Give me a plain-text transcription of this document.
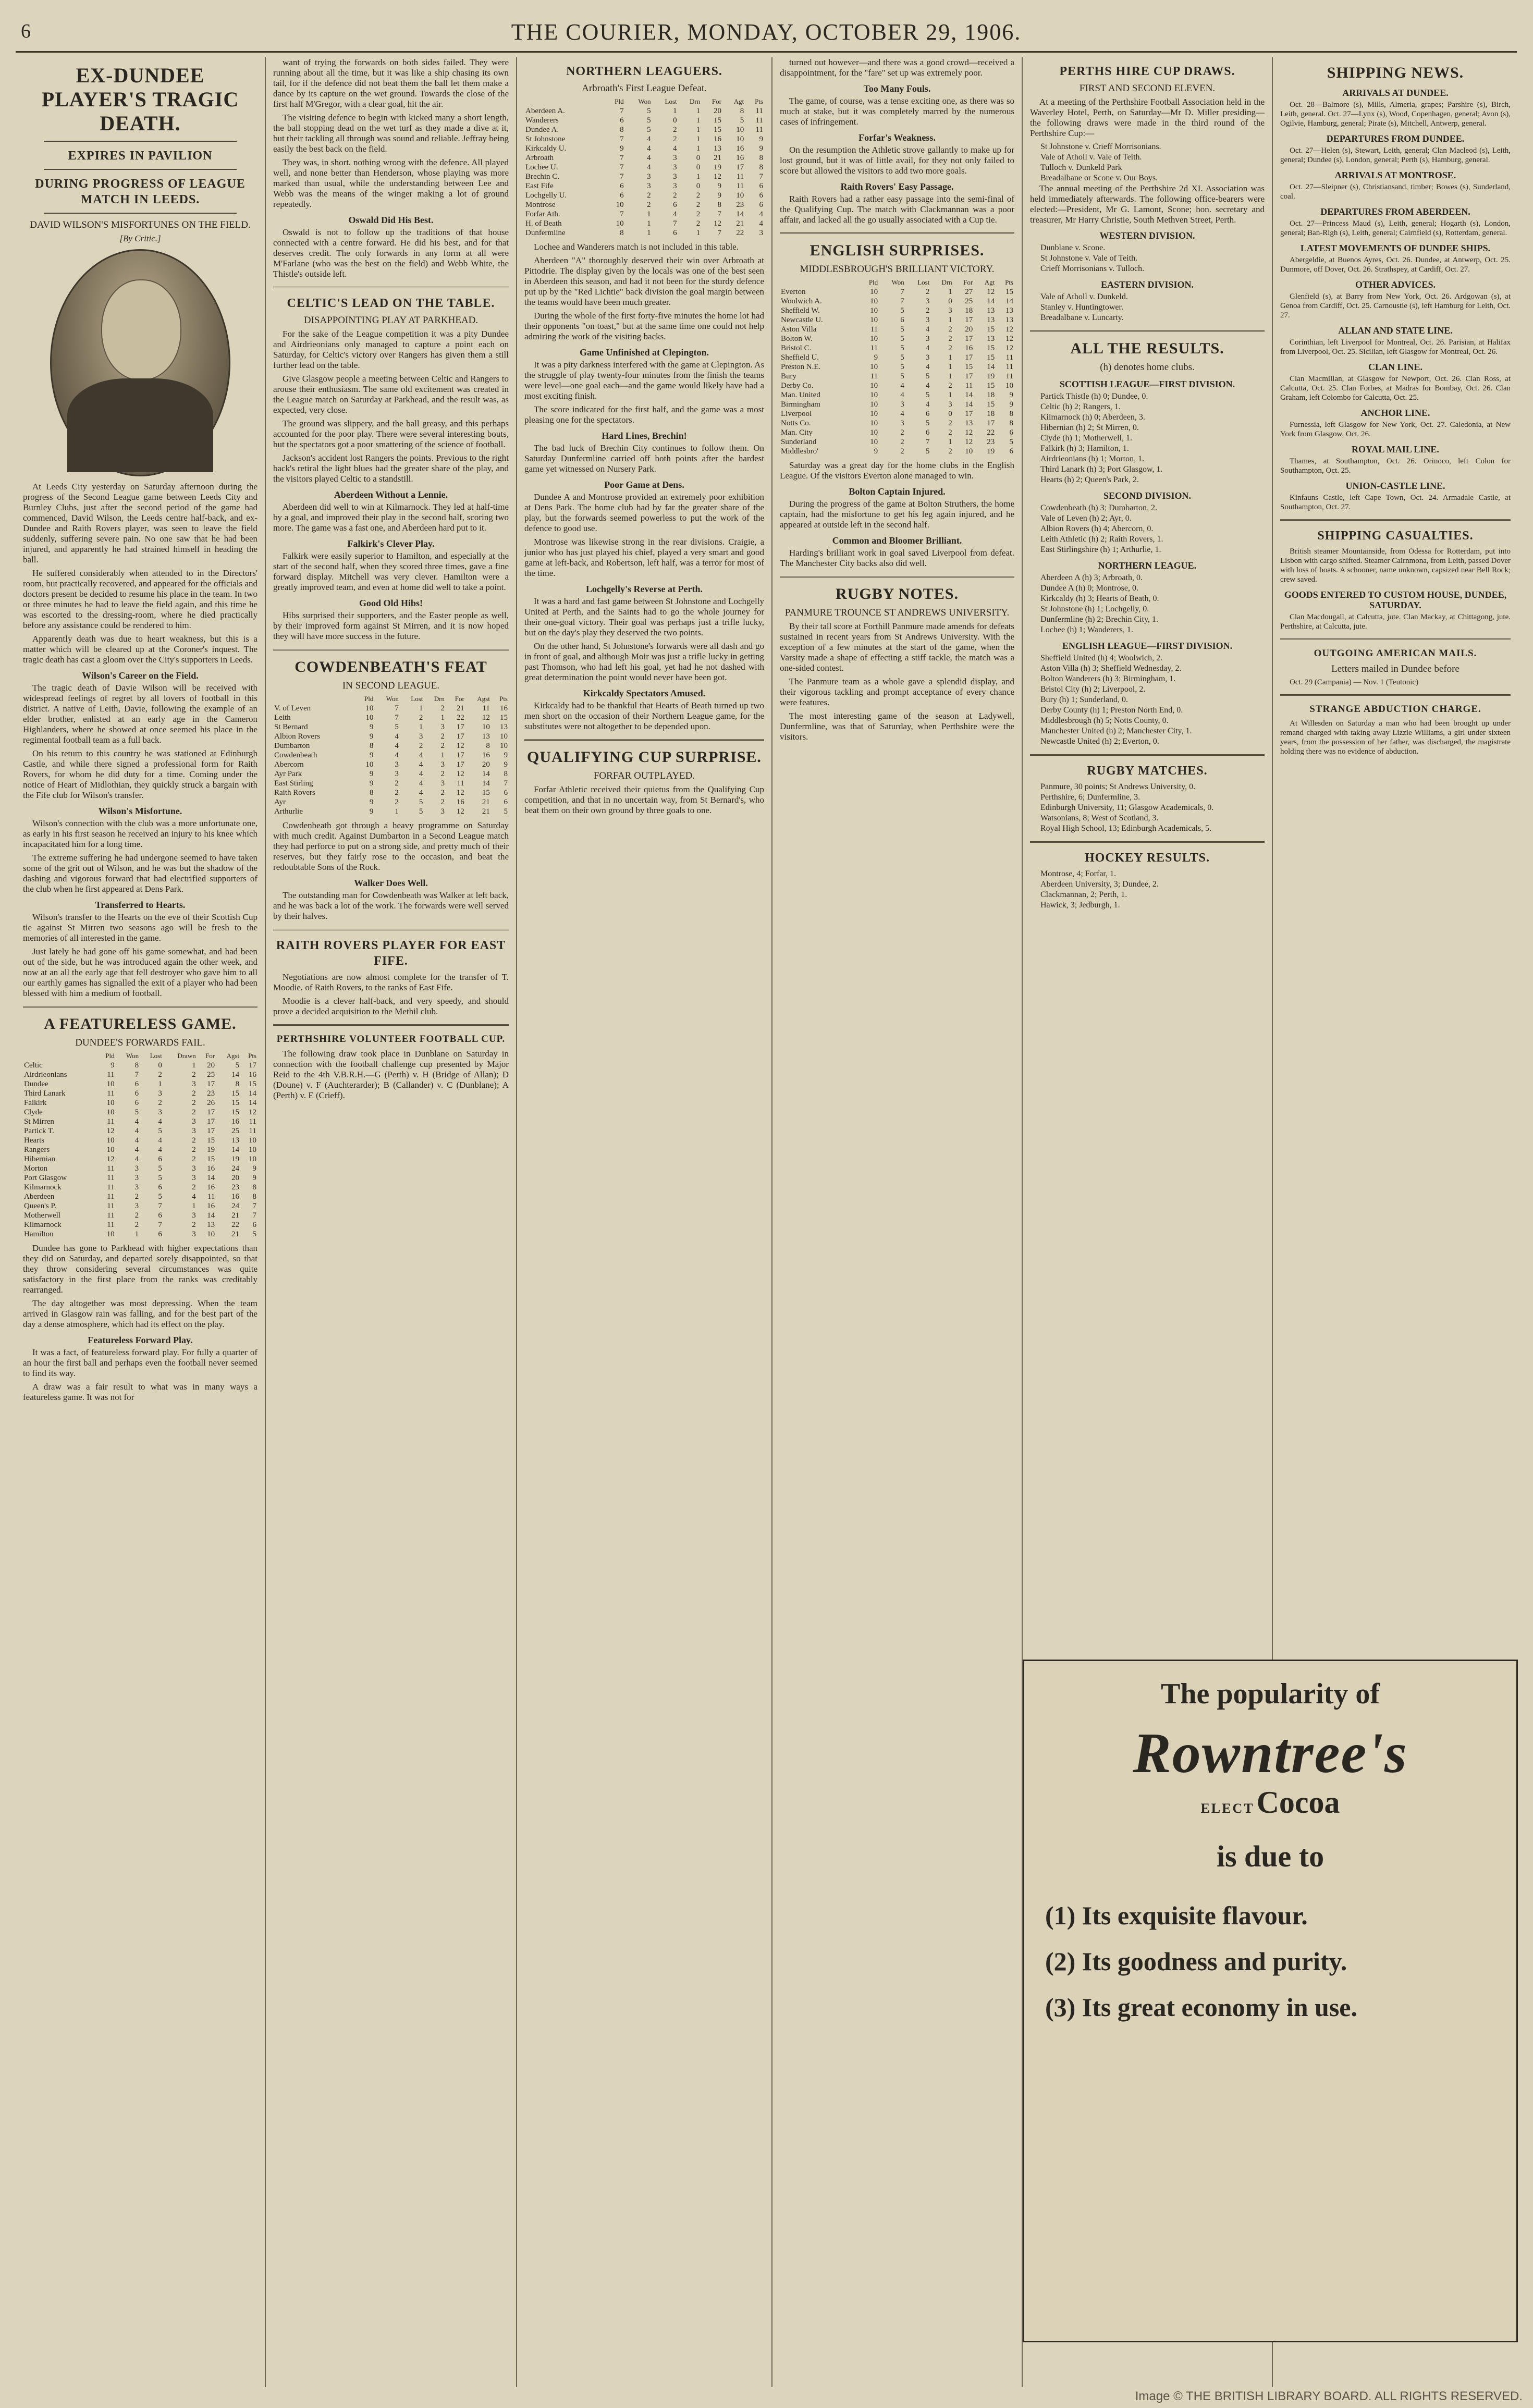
6	THE COURIER, MONDAY, OCTOBER 29, 1906.
EX-DUNDEE PLAYER'S TRAGIC DEATH.
EXPIRES IN PAVILION
DURING PROGRESS OF LEAGUE MATCH IN LEEDS.
DAVID WILSON'S MISFORTUNES ON THE FIELD.
[By Critic.]

At Leeds City yesterday on Saturday afternoon during the progress of the Second League game between Leeds City and Burnley Clubs, just after the second period of the game had commenced, David Wilson, the Leeds centre half-back, and ex-Dundee and Raith Rovers player, was seen to leave the field suddenly, suffering severe pain. No one saw that he had been injured, and apparently he had strained himself in heading the ball.

He suffered considerably when attended to in the Directors' room, but practically recovered, and appeared for the officials and doctors present be decided to resume his place in the team. In two or three minutes he had to leave the field again, and this time he was escorted to the dressing-room, where he died practically before any assistance could be rendered to him.

Apparently death was due to heart weakness, but this is a matter which will be cleared up at the Coroner's inquest. The tragic death has cast a gloom over the City's supporters in Leeds.

Wilson's Career on the Field.

The tragic death of Davie Wilson will be received with widespread feelings of regret by all lovers of football in this district. A native of Leith, Davie, following the example of an elder brother, enlisted at an early age in the Cameron Highlanders, where he showed at once seemed his place in the regimental football team as a full back.

On his return to this country he was stationed at Edinburgh Castle, and while there signed a professional form for Raith Rovers, for whom he did duty for a time. Coming under the notice of Heart of Midlothian, they quickly struck a bargain with the Fife club for Wilson's transfer.

Wilson's Misfortune.

Wilson's connection with the club was a more unfortunate one, as early in his first season he received an injury to his knee which incapacitated him for a long time.

The extreme suffering he had undergone seemed to have taken some of the grit out of Wilson, and he was but the shadow of the dashing and vigorous forward that had electrified supporters of the club when he first appeared at Dens Park.

Transferred to Hearts.

Wilson's transfer to the Hearts on the eve of their Scottish Cup tie against St Mirren two seasons ago will be fresh to the memories of all interested in the game.

Just lately he had gone off his game somewhat, and had been out of the side, but he was introduced again the other week, and now at an all the early age that fell destroyer who gave him to all our earthly games has signalled the exit of a player who had been blessed with him a medium of football.

A FEATURELESS GAME.
DUNDEE'S FORWARDS FAIL.
	Pld	Won	Lost	Drawn	For	Agst	Pts
Celtic	9	8	0	1	20	5	17
Airdrieonians	11	7	2	2	25	14	16
Dundee	10	6	1	3	17	8	15
Third Lanark	11	6	3	2	23	15	14
Falkirk	10	6	2	2	26	15	14
Clyde	10	5	3	2	17	15	12
St Mirren	11	4	4	3	17	16	11
Partick T.	12	4	5	3	17	25	11
Hearts	10	4	4	2	15	13	10
Rangers	10	4	4	2	19	14	10
Hibernian	12	4	6	2	15	19	10
Morton	11	3	5	3	16	24	9
Port Glasgow	11	3	5	3	14	20	9
Kilmarnock	11	3	6	2	16	23	8
Aberdeen	11	2	5	4	11	16	8
Queen's P.	11	3	7	1	16	24	7
Motherwell	11	2	6	3	14	21	7
Kilmarnock	11	2	7	2	13	22	6
Hamilton	10	1	6	3	10	21	5

Dundee has gone to Parkhead with higher expectations than they did on Saturday, and departed sorely disappointed, so that they throw considering several circumstances was quite satisfactory in the first place from the ranks was creditably rearranged.

The day altogether was most depressing. When the team arrived in Glasgow rain was falling, and for the best part of the day a dense atmosphere, which had its effect on the play.

Featureless Forward Play.

It was a fact, of featureless forward play. For fully a quarter of an hour the first ball and perhaps even the football never seemed to find its way.

A draw was a fair result to what was in many ways a featureless game. It was not for

want of trying the forwards on both sides failed. They were running about all the time, but it was like a ship chasing its own tail, for if the defence did not beat them the ball let them make a dance by its capture on the wet ground. Towards the close of the first half M'Gregor, with a clear goal, hit the air.

The visiting defence to begin with kicked many a short length, the ball stopping dead on the wet turf as they made a dive at it, but their tackling all through was sound and reliable. Jeffray being easily the best back on the field.

They was, in short, nothing wrong with the defence. All played well, and none better than Henderson, whose playing was more marked than usual, while the understanding between Lee and Webb was the means of the winger making a lot of ground repeatedly.

Oswald Did His Best.

Oswald is not to follow up the traditions of that house connected with a centre forward. He did his best, and for that deserves credit. The only forwards in any form at all were M'Farlane (who was the best on the field) and Webb White, the Thistle's outside left.

CELTIC'S LEAD ON THE TABLE.
DISAPPOINTING PLAY AT PARKHEAD.

For the sake of the League competition it was a pity Dundee and Airdrieonians only managed to capture a point each on Saturday, for Celtic's victory over Rangers has given them a still further lead on the table.

Give Glasgow people a meeting between Celtic and Rangers to arouse their enthusiasm. The same old excitement was created in the League match on Saturday at Parkhead, and the result was, as expected, very close.

The ground was slippery, and the ball greasy, and this perhaps accounted for the poor play. There were several interesting bouts, but the spectators got a poor smattering of the science of football.

Jackson's accident lost Rangers the points. Previous to the right back's retiral the light blues had the greater share of the play, and the visitors played Celtic to a standstill.

Aberdeen Without a Lennie.

Aberdeen did well to win at Kilmarnock. They led at half-time by a goal, and improved their play in the second half, scoring two more. The game was a fast one, and Aberdeen hard put to it.

Falkirk's Clever Play.

Falkirk were easily superior to Hamilton, and especially at the start of the second half, when they scored three times, gave a fine forward display. Mitchell was very clever. Hamilton were a greatly improved team, and even at home did well to take a point.

Good Old Hibs!

Hibs surprised their supporters, and the Easter people as well, by their improved form against St Mirren, and it is now hoped they will have more success in the future.

COWDENBEATH'S FEAT
IN SECOND LEAGUE.
	Pld	Won	Lost	Drn	For	Agst	Pts
V. of Leven	10	7	1	2	21	11	16
Leith	10	7	2	1	22	12	15
St Bernard	9	5	1	3	17	10	13
Albion Rovers	9	4	3	2	17	13	10
Dumbarton	8	4	2	2	12	8	10
Cowdenbeath	9	4	4	1	17	16	9
Abercorn	10	3	4	3	17	20	9
Ayr Park	9	3	4	2	12	14	8
East Stirling	9	2	4	3	11	14	7
Raith Rovers	8	2	4	2	12	15	6
Ayr	9	2	5	2	16	21	6
Arthurlie	9	1	5	3	12	21	5

Cowdenbeath got through a heavy programme on Saturday with much credit. Against Dumbarton in a Second League match they had perforce to put on a strong side, and pretty much of their reserves, but they fairly rose to the occasion, and beat the redoubtable Sons of the Rock.

Walker Does Well.

The outstanding man for Cowdenbeath was Walker at left back, and he was back a lot of the work. The forwards were well served by their halves.

RAITH ROVERS PLAYER FOR EAST FIFE.

Negotiations are now almost complete for the transfer of T. Moodie, of Raith Rovers, to the ranks of East Fife.

Moodie is a clever half-back, and very speedy, and should prove a decided acquisition to the Methil club.

PERTHSHIRE VOLUNTEER FOOTBALL CUP.

The following draw took place in Dunblane on Saturday in connection with the football challenge cup presented by Major Reid to the 4th V.B.R.H.—G (Perth) v. H (Bridge of Allan); D (Doune) v. F (Auchterarder); B (Callander) v. C (Dunblane); A (Perth) v. E (Crieff).

NORTHERN LEAGUERS.
Arbroath's First League Defeat.
	Pld	Won	Lost	Drn	For	Agt	Pts
Aberdeen A.	7	5	1	1	20	8	11
Wanderers	6	5	0	1	15	5	11
Dundee A.	8	5	2	1	15	10	11
St Johnstone	7	4	2	1	16	10	9
Kirkcaldy U.	9	4	4	1	13	16	9
Arbroath	7	4	3	0	21	16	8
Lochee U.	7	4	3	0	19	17	8
Brechin C.	7	3	3	1	12	11	7
East Fife	6	3	3	0	9	11	6
Lochgelly U.	6	2	2	2	9	10	6
Montrose	10	2	6	2	8	23	6
Forfar Ath.	7	1	4	2	7	14	4
H. of Beath	10	1	7	2	12	21	4
Dunfermline	8	1	6	1	7	22	3

Lochee and Wanderers match is not included in this table.

Aberdeen "A" thoroughly deserved their win over Arbroath at Pittodrie. The display given by the locals was one of the best seen in Aberdeen this season, and had it not been for the sturdy defence put up by the "Red Lichtie" back division the goal margin between the teams would have been much greater.

During the whole of the first forty-five minutes the home lot had their opponents "on toast," but at the same time one could not help admiring the work of the visiting backs.

Game Unfinished at Clepington.

It was a pity darkness interfered with the game at Clepington. As the struggle of play twenty-four minutes from the finish the teams were level—one goal each—and the game would likely have had a most exciting finish.

The score indicated for the first half, and the game was a most pleasing one for the spectators.

Hard Lines, Brechin!

The bad luck of Brechin City continues to follow them. On Saturday Dunfermline carried off both points after the hardest game yet witnessed on Nursery Park.

Poor Game at Dens.

Dundee A and Montrose provided an extremely poor exhibition at Dens Park. The home club had by far the greater share of the play, but the forwards seemed powerless to put the work of the defence to good use.

Montrose was likewise strong in the rear divisions. Craigie, a junior who has just played his chief, played a very smart and good game at left-back, and Robertson, left half, was a terror for most of the time.

Lochgelly's Reverse at Perth.

It was a hard and fast game between St Johnstone and Lochgelly United at Perth, and the Saints had to go the whole journey for their one-goal victory. Their goal was perhaps just a trifle lucky, but on the day's play they deserved the two points.

On the other hand, St Johnstone's forwards were all dash and go in front of goal, and although Moir was just a trifle lucky in getting past Thomson, who had left his goal, yet had he not dashed with great determination the point would never have been got.

Kirkcaldy Spectators Amused.

Kirkcaldy had to be thankful that Hearts of Beath turned up two men short on the occasion of their Northern League game, for the substitutes were not altogether to be depended upon.

QUALIFYING CUP SURPRISE.
FORFAR OUTPLAYED.

Forfar Athletic received their quietus from the Qualifying Cup competition, and that in no uncertain way, from St Bernard's, who beat them on their own ground by three goals to one.

turned out however—and there was a good crowd—received a disappointment, for the "fare" set up was extremely poor.

Too Many Fouls.

The game, of course, was a tense exciting one, as there was so much at stake, but it was completely marred by the numerous cases of infringement.

Forfar's Weakness.

On the resumption the Athletic strove gallantly to make up for lost ground, but it was of little avail, for they not only failed to score but allowed the visitors to add two more goals.

Raith Rovers' Easy Passage.

Raith Rovers had a rather easy passage into the semi-final of the Qualifying Cup. The match with Clackmannan was a poor affair, and lacked all the go usually associated with a Cup tie.

ENGLISH SURPRISES.
MIDDLESBROUGH'S BRILLIANT VICTORY.
	Pld	Won	Lost	Drn	For	Agt	Pts
Everton	10	7	2	1	27	12	15
Woolwich A.	10	7	3	0	25	14	14
Sheffield W.	10	5	2	3	18	13	13
Newcastle U.	10	6	3	1	17	13	13
Aston Villa	11	5	4	2	20	15	12
Bolton W.	10	5	3	2	17	13	12
Bristol C.	11	5	4	2	16	15	12
Sheffield U.	9	5	3	1	17	15	11
Preston N.E.	10	5	4	1	15	14	11
Bury	11	5	5	1	17	19	11
Derby Co.	10	4	4	2	11	15	10
Man. United	10	4	5	1	14	18	9
Birmingham	10	3	4	3	14	15	9
Liverpool	10	4	6	0	17	18	8
Notts Co.	10	3	5	2	13	17	8
Man. City	10	2	6	2	12	22	6
Sunderland	10	2	7	1	12	23	5
Middlesbro'	9	2	5	2	10	19	6

Saturday was a great day for the home clubs in the English League. Of the visitors Everton alone managed to win.

Bolton Captain Injured.

During the progress of the game at Bolton Struthers, the home captain, had the misfortune to get his leg again injured, and he appeared at outside left in the second half.

Common and Bloomer Brilliant.

Harding's brilliant work in goal saved Liverpool from defeat. The Manchester City backs also did well.

RUGBY NOTES.
PANMURE TROUNCE ST ANDREWS UNIVERSITY.

By their tall score at Forthill Panmure made amends for defeats sustained in recent years from St Andrews University. With the exception of a few minutes at the start of the game, when the Varsity made a shape of effecting a stiff tackle, the match was a one-sided contest.

The Panmure team as a whole gave a splendid display, and their vigorous tackling and prompt acceptance of every chance were features.

The most interesting game of the season at Ladywell, Dunfermline, was that of Saturday, when Perthshire were the visitors.

PERTHS HIRE CUP DRAWS.
FIRST AND SECOND ELEVEN.

At a meeting of the Perthshire Football Association held in the Waverley Hotel, Perth, on Saturday—Mr D. Miller presiding—the following draws were made in the third round of the Perthshire Cup:—

St Johnstone v. Crieff Morrisonians.
Vale of Atholl v. Vale of Teith.
Tulloch v. Dunkeld Park
Breadalbane or Scone v. Our Boys.

The annual meeting of the Perthshire 2d XI. Association was held immediately afterwards. The following office-bearers were elected:—President, Mr G. Lamont, Scone; hon. secretary and treasurer, Mr Harry Christie, South Methven Street, Perth.

WESTERN DIVISION.
Dunblane v. Scone.
St Johnstone v. Vale of Teith.
Crieff Morrisonians v. Tulloch.
EASTERN DIVISION.
Vale of Atholl v. Dunkeld.
Stanley v. Huntingtower.
Breadalbane v. Luncarty.
ALL THE RESULTS.
(h) denotes home clubs.
SCOTTISH LEAGUE—FIRST DIVISION.
Partick Thistle (h) 0; Dundee, 0.
Celtic (h) 2; Rangers, 1.
Kilmarnock (h) 0; Aberdeen, 3.
Hibernian (h) 2; St Mirren, 0.
Clyde (h) 1; Motherwell, 1.
Falkirk (h) 3; Hamilton, 1.
Airdrieonians (h) 1; Morton, 1.
Third Lanark (h) 3; Port Glasgow, 1.
Hearts (h) 2; Queen's Park, 2.
SECOND DIVISION.
Cowdenbeath (h) 3; Dumbarton, 2.
Vale of Leven (h) 2; Ayr, 0.
Albion Rovers (h) 4; Abercorn, 0.
Leith Athletic (h) 2; Raith Rovers, 1.
East Stirlingshire (h) 1; Arthurlie, 1.
NORTHERN LEAGUE.
Aberdeen A (h) 3; Arbroath, 0.
Dundee A (h) 0; Montrose, 0.
Kirkcaldy (h) 3; Hearts of Beath, 0.
St Johnstone (h) 1; Lochgelly, 0.
Dunfermline (h) 2; Brechin City, 1.
Lochee (h) 1; Wanderers, 1.
ENGLISH LEAGUE—FIRST DIVISION.
Sheffield United (h) 4; Woolwich, 2.
Aston Villa (h) 3; Sheffield Wednesday, 2.
Bolton Wanderers (h) 3; Birmingham, 1.
Bristol City (h) 2; Liverpool, 2.
Bury (h) 1; Sunderland, 0.
Derby County (h) 1; Preston North End, 0.
Middlesbrough (h) 5; Notts County, 0.
Manchester United (h) 2; Manchester City, 1.
Newcastle United (h) 2; Everton, 0.
RUGBY MATCHES.
Panmure, 30 points; St Andrews University, 0.
Perthshire, 6; Dunfermline, 3.
Edinburgh University, 11; Glasgow Academicals, 0.
Watsonians, 8; West of Scotland, 3.
Royal High School, 13; Edinburgh Academicals, 5.
HOCKEY RESULTS.
Montrose, 4; Forfar, 1.
Aberdeen University, 3; Dundee, 2.
Clackmannan, 2; Perth, 1.
Hawick, 3; Jedburgh, 1.
SHIPPING NEWS.
ARRIVALS AT DUNDEE.

Oct. 28—Balmore (s), Mills, Almeria, grapes; Parshire (s), Birch, Leith, general. Oct. 27—Lynx (s), Wood, Copenhagen, general; Avon (s), Ogilvie, Hamburg, general; Pirate (s), Mitchell, Antwerp, general.

DEPARTURES FROM DUNDEE.

Oct. 27—Helen (s), Stewart, Leith, general; Clan Macleod (s), Leith, general; Dundee (s), London, general; Perth (s), Hamburg, general.

ARRIVALS AT MONTROSE.

Oct. 27—Sleipner (s), Christiansand, timber; Bowes (s), Sunderland, coal.

DEPARTURES FROM ABERDEEN.

Oct. 27—Princess Maud (s), Leith, general; Hogarth (s), London, general; Ban-Righ (s), Leith, general; Cairnfield (s), Rotterdam, general.

LATEST MOVEMENTS OF DUNDEE SHIPS.

Abergeldie, at Buenos Ayres, Oct. 26. Dundee, at Antwerp, Oct. 25. Dunmore, off Dover, Oct. 26. Strathspey, at Cardiff, Oct. 27.

OTHER ADVICES.

Glenfield (s), at Barry from New York, Oct. 26. Ardgowan (s), at Genoa from Cardiff, Oct. 25. Carnoustie (s), left Hamburg for Leith, Oct. 27.

ALLAN AND STATE LINE.

Corinthian, left Liverpool for Montreal, Oct. 26. Parisian, at Halifax from Liverpool, Oct. 25. Sicilian, left Glasgow for Montreal, Oct. 26.

CLAN LINE.

Clan Macmillan, at Glasgow for Newport, Oct. 26. Clan Ross, at Calcutta, Oct. 25. Clan Forbes, at Madras for Bombay, Oct. 26. Clan Graham, left Colombo for Calcutta, Oct. 25.

ANCHOR LINE.

Furnessia, left Glasgow for New York, Oct. 27. Caledonia, at New York from Glasgow, Oct. 26.

ROYAL MAIL LINE.

Thames, at Southampton, Oct. 26. Orinoco, left Colon for Southampton, Oct. 25.

UNION-CASTLE LINE.

Kinfauns Castle, left Cape Town, Oct. 24. Armadale Castle, at Southampton, Oct. 27.

SHIPPING CASUALTIES.

British steamer Mountainside, from Odessa for Rotterdam, put into Lisbon with cargo shifted. Steamer Cairnmona, from Leith, passed Dover with loss of boats. A schooner, name unknown, capsized near Bell Rock; crew saved.

GOODS ENTERED TO CUSTOM HOUSE, DUNDEE, SATURDAY.

Clan Macdougall, at Calcutta, jute. Clan Mackay, at Chittagong, jute. Perthshire, at Calcutta, jute.

OUTGOING AMERICAN MAILS.
Letters mailed in Dundee before

Oct. 29 (Campania) — Nov. 1 (Teutonic)

STRANGE ABDUCTION CHARGE.

At Willesden on Saturday a man who had been brought up under remand charged with taking away Lizzie Williams, a girl under sixteen years, from the possession of her father, was discharged, the magistrate holding there was no evidence of abduction.

The popularity of
Rowntree's
ELECT Cocoa
is due to
(1) Its exquisite flavour.
(2) Its goodness and purity.
(3) Its great economy in use.
Image © THE BRITISH LIBRARY BOARD. ALL RIGHTS RESERVED.
